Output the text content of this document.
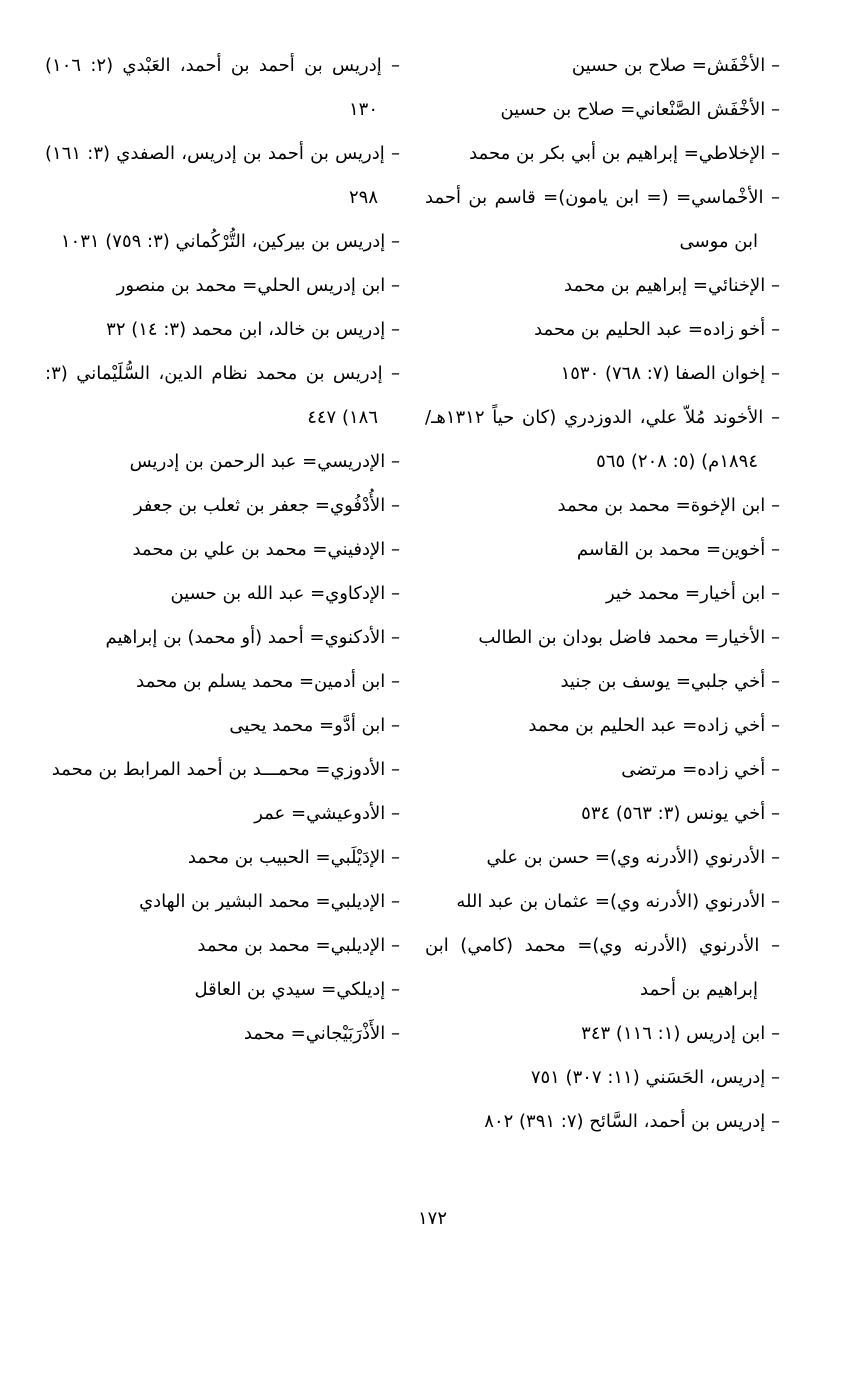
– الأخْفَش= صلاح بن حسين
– الأخْفَش الصَّنْعاني= صلاح بن حسين
– الإخلاطي= إبراهيم بن أبي بكر بن محمد
– الأخْماسي= (= ابن يامون)= قاسم بن أحمد ابن موسى
– الإخنائي= إبراهيم بن محمد
– أخو زاده= عبد الحليم بن محمد
– إخوان الصفا (٧: ٧٦٨) ١٥٣٠
– الأخوند مُلاّ علي، الدوزدري (كان حياً ١٣١٢هـ/ ١٨٩٤م) (٥: ٢٠٨) ٥٦٥
– ابن الإخوة= محمد بن محمد
– أخوين= محمد بن القاسم
– ابن أخيار= محمد خير
– الأخيار= محمد فاضل بودان بن الطالب
– أخي جلبي= يوسف بن جنيد
– أخي زاده= عبد الحليم بن محمد
– أخي زاده= مرتضى
– أخي يونس (٣: ٥٦٣) ٥٣٤
– الأدرنوي (الأدرنه وي)= حسن بن علي
– الأدرنوي (الأدرنه وي)= عثمان بن عبد الله
– الأدرنوي (الأدرنه وي)= محمد (كامي) ابن إبراهيم بن أحمد
– ابن إدريس (١: ١١٦) ٣٤٣
– إدريس، الحَسَني (١١: ٣٠٧) ٧٥١
– إدريس بن أحمد، السَّائح (٧: ٣٩١) ٨٠٢
– إدريس بن أحمد بن أحمد، العَبْدي (٢: ١٠٦) ١٣٠
– إدريس بن أحمد بن إدريس، الصفدي (٣: ١٦١) ٢٩٨
– إدريس بن بيركين، التُّرْكُماني (٣: ٧٥٩) ١٠٣١
– ابن إدريس الحلي= محمد بن منصور
– إدريس بن خالد، ابن محمد (٣: ١٤) ٣٢
– إدريس بن محمد نظام الدين، السُّلَيْماني (٣: ١٨٦) ٤٤٧
– الإدريسي= عبد الرحمن بن إدريس
– الأُدْفُوي= جعفر بن ثعلب بن جعفر
– الإدفيني= محمد بن علي بن محمد
– الإدكاوي= عبد الله بن حسين
– الأدكنوي= أحمد (أو محمد) بن إبراهيم
– ابن أدمين= محمد يسلم بن محمد
– ابن أدَّو= محمد يحيى
– الأدوزي= محمـــد بن أحمد المرابط بن محمد
– الأدوعيشي= عمر
– الإدَيْلَبي= الحبيب بن محمد
– الإديلبي= محمد البشير بن الهادي
– الإديلبي= محمد بن محمد
– إديلكي= سيدي بن العاقل
– الأَذْرَبَيْجاني= محمد
١٧٢
